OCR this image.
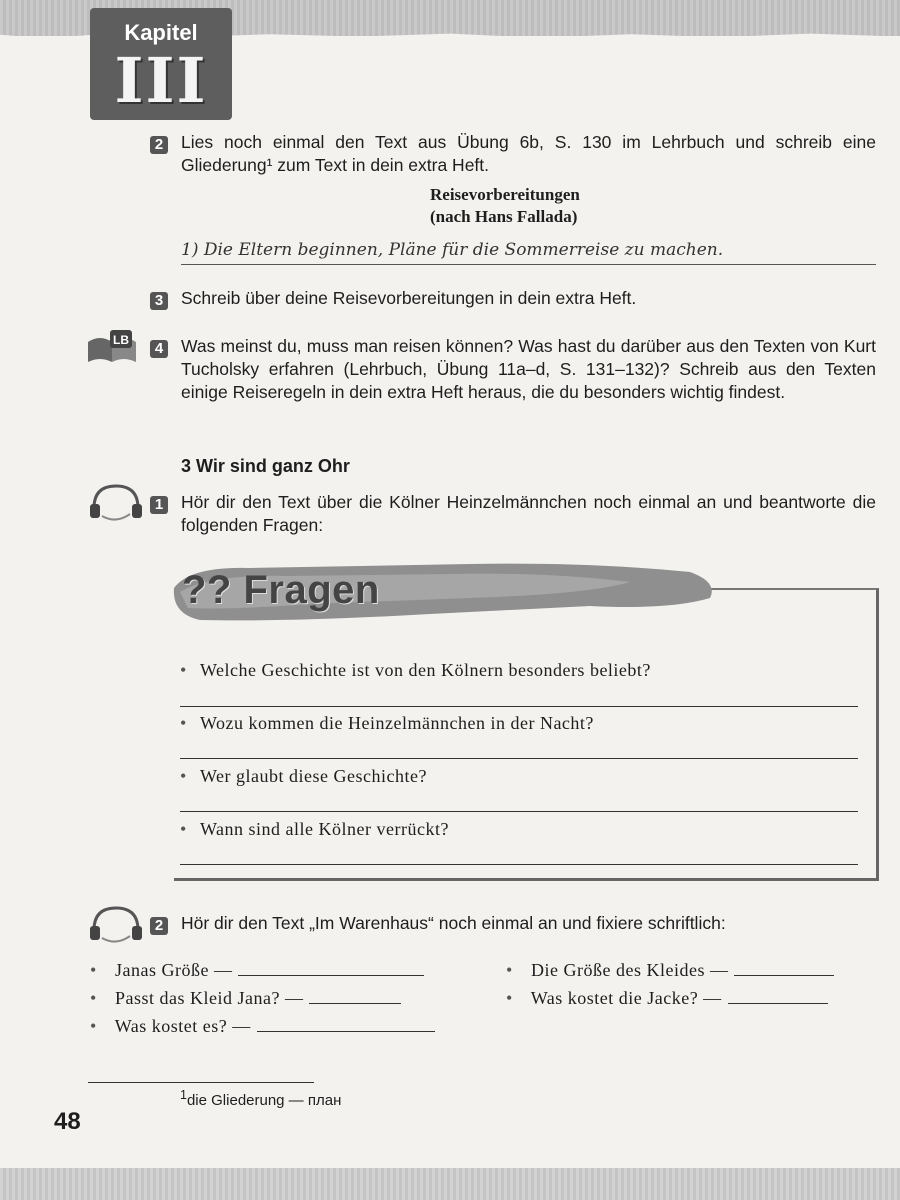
Kapitel
III
2 Lies noch einmal den Text aus Übung 6b, S. 130 im Lehrbuch und schreib eine Gliederung¹ zum Text in dein extra Heft.
Reisevorbereitungen
(nach Hans Fallada)
1) Die Eltern beginnen, Pläne für die Sommerreise zu machen.
3 Schreib über deine Reisevorbereitungen in dein extra Heft.
LB	4 Was meinst du, muss man reisen können? Was hast du darüber aus den Texten von Kurt Tucholsky erfahren (Lehrbuch, Übung 11a–d, S. 131–132)? Schreib aus den Texten einige Reiseregeln in dein extra Heft heraus, die du besonders wichtig findest.
3 Wir sind ganz Ohr
1 Hör dir den Text über die Kölner Heinzelmännchen noch einmal an und beantworte die folgenden Fragen:
?? Fragen
• Welche Geschichte ist von den Kölnern besonders beliebt?
• Wozu kommen die Heinzelmännchen in der Nacht?
• Wer glaubt diese Geschichte?
• Wann sind alle Kölner verrückt?
2 Hör dir den Text „Im Warenhaus“ noch einmal an und fixiere schriftlich:
• Janas Größe —
• Passt das Kleid Jana? —
• Was kostet es? —
• Die Größe des Kleides —
• Was kostet die Jacke? —
$^1$die Gliederung — план
48
